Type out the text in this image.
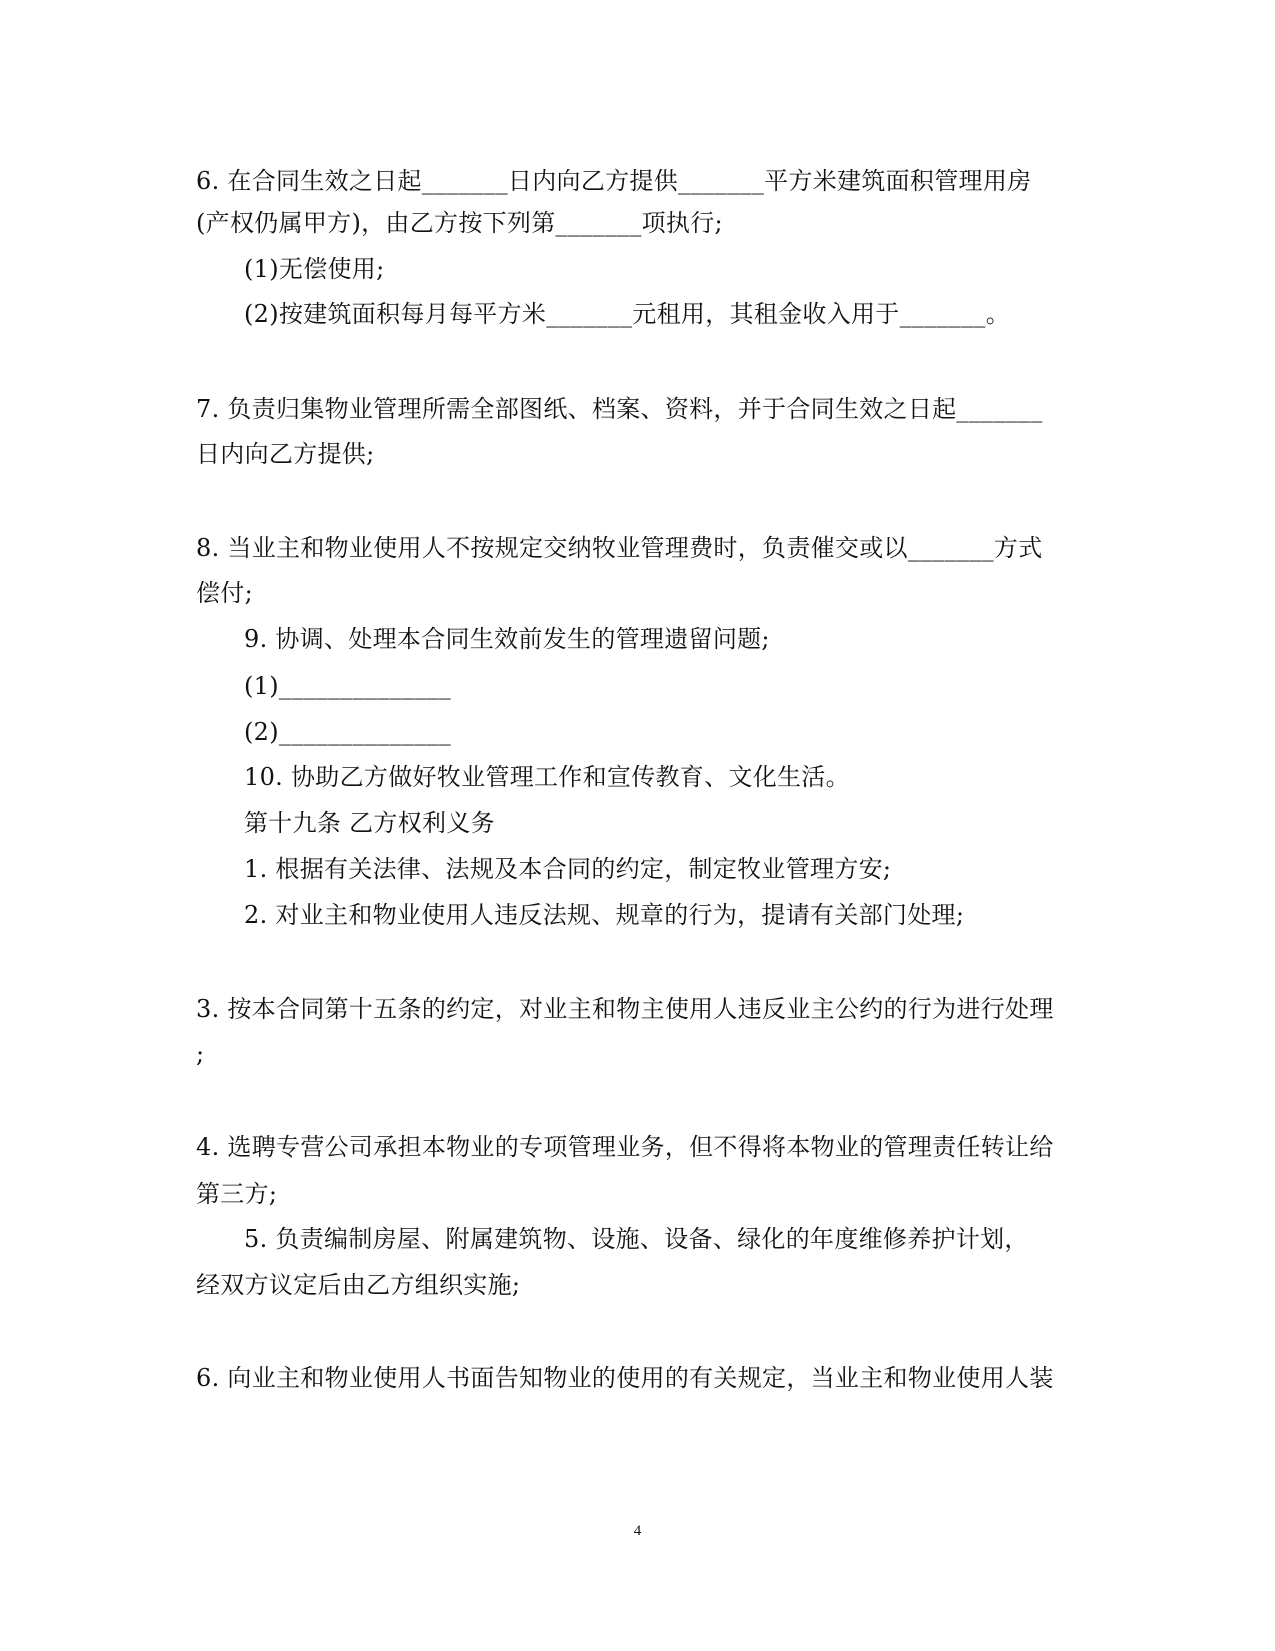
6. 在合同生效之日起_______日内向乙方提供_______平方米建筑面积管理用房
(产权仍属甲方)，由乙方按下列第_______项执行;
(1)无偿使用;
(2)按建筑面积每月每平方米_______元租用，其租金收入用于_______。
7. 负责归集物业管理所需全部图纸、档案、资料，并于合同生效之日起_______
日内向乙方提供;
8. 当业主和物业使用人不按规定交纳牧业管理费时，负责催交或以_______方式
偿付;
9. 协调、处理本合同生效前发生的管理遗留问题;
(1)______________
(2)______________
10. 协助乙方做好牧业管理工作和宣传教育、文化生活。
第十九条 乙方权利义务
1. 根据有关法律、法规及本合同的约定，制定牧业管理方安;
2. 对业主和物业使用人违反法规、规章的行为，提请有关部门处理;
3. 按本合同第十五条的约定，对业主和物主使用人违反业主公约的行为进行处理
;
4. 选聘专营公司承担本物业的专项管理业务，但不得将本物业的管理责任转让给
第三方;
5. 负责编制房屋、附属建筑物、设施、设备、绿化的年度维修养护计划，
经双方议定后由乙方组织实施;
6. 向业主和物业使用人书面告知物业的使用的有关规定，当业主和物业使用人装
4
